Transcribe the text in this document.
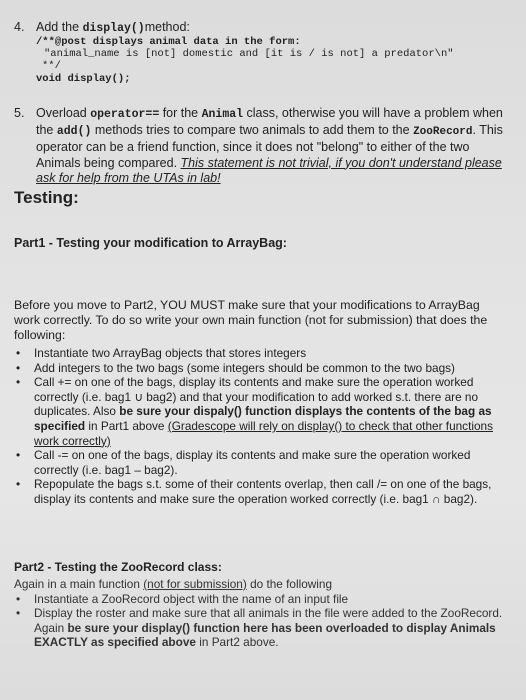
4. Add the display()method:
/**@post displays animal data in the form:
"animal_name is [not] domestic and [it is / is not] a predator\n"
**/
void display();
5. Overload operator== for the Animal class, otherwise you will have a problem when the add() methods tries to compare two animals to add them to the ZooRecord. This operator can be a friend function, since it does not "belong" to either of the two Animals being compared. This statement is not trivial, if you don't understand please ask for help from the UTAs in lab!
Testing:
Part1 - Testing your modification to ArrayBag:
Before you move to Part2, YOU MUST make sure that your modifications to ArrayBag work correctly. To do so write your own main function (not for submission) that does the following:
• Instantiate two ArrayBag objects that stores integers
• Add integers to the two bags (some integers should be common to the two bags)
• Call += on one of the bags, display its contents and make sure the operation worked correctly (i.e. bag1 ∪ bag2) and that your modification to add worked s.t. there are no duplicates. Also be sure your dispaly() function displays the contents of the bag as specified in Part1 above (Gradescope will rely on display() to check that other functions work correctly)
• Call -= on one of the bags, display its contents and make sure the operation worked correctly (i.e. bag1 – bag2).
• Repopulate the bags s.t. some of their contents overlap, then call /= on one of the bags, display its contents and make sure the operation worked correctly (i.e. bag1 ∩ bag2).
Part2 - Testing the ZooRecord class:
Again in a main function (not for submission) do the following
• Instantiate a ZooRecord object with the name of an input file
• Display the roster and make sure that all animals in the file were added to the ZooRecord. Again be sure your display() function here has been overloaded to display Animals EXACTLY as specified above in Part2 above.
